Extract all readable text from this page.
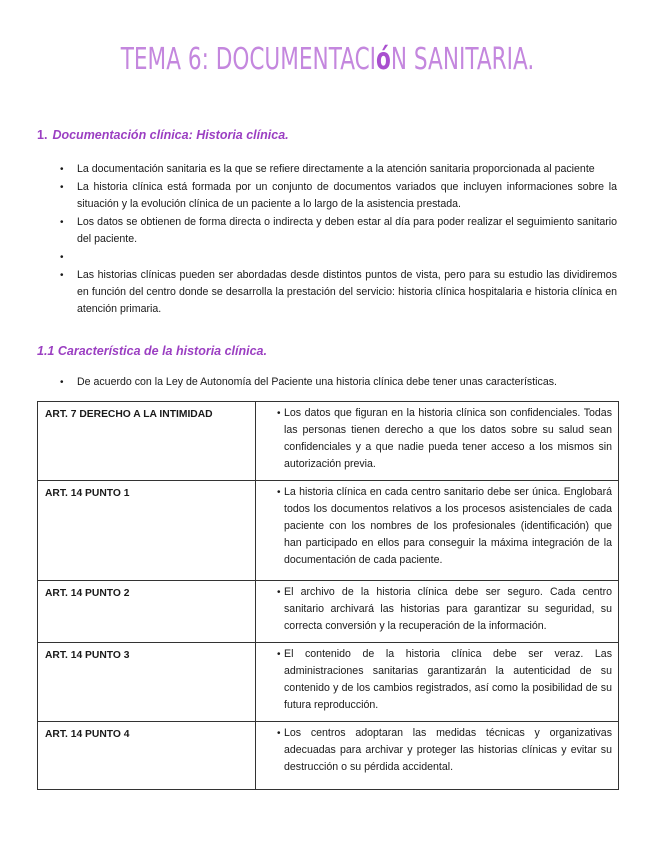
TEMA 6: DOCUMENTACIóN SANITARIA.
1. Documentación clínica: Historia clínica.
• La documentación sanitaria es la que se refiere directamente a la atención sanitaria proporcionada al paciente
• La historia clínica está formada por un conjunto de documentos variados que incluyen informaciones sobre la situación y la evolución clínica de un paciente a lo largo de la asistencia prestada.
• Los datos se obtienen de forma directa o indirecta y deben estar al día para poder realizar el seguimiento sanitario del paciente.
•
• Las historias clínicas pueden ser abordadas desde distintos puntos de vista, pero para su estudio las dividiremos en función del centro donde se desarrolla la prestación del servicio: historia clínica hospitalaria e historia clínica en atención primaria.
1.1 Característica de la historia clínica.
• De acuerdo con la Ley de Autonomía del Paciente una historia clínica debe tener unas características.
ART. 7 DERECHO A LA INTIMIDAD	• Los datos que figuran en la historia clínica son confidenciales. Todas las personas tienen derecho a que los datos sobre su salud sean confidenciales y a que nadie pueda tener acceso a los mismos sin autorización previa.
ART. 14 PUNTO 1	• La historia clínica en cada centro sanitario debe ser única. Englobará todos los documentos relativos a los procesos asistenciales de cada paciente con los nombres de los profesionales (identificación) que han participado en ellos para conseguir la máxima integración de la documentación de cada paciente.
ART. 14 PUNTO 2	• El archivo de la historia clínica debe ser seguro. Cada centro sanitario archivará las historias para garantizar su seguridad, su correcta conversión y la recuperación de la información.
ART. 14 PUNTO 3	• El contenido de la historia clínica debe ser veraz. Las administraciones sanitarias garantizarán la autenticidad de su contenido y de los cambios registrados, así como la posibilidad de su futura reproducción.
ART. 14 PUNTO 4	• Los centros adoptaran las medidas técnicas y organizativas adecuadas para archivar y proteger las historias clínicas y evitar su destrucción o su pérdida accidental.
